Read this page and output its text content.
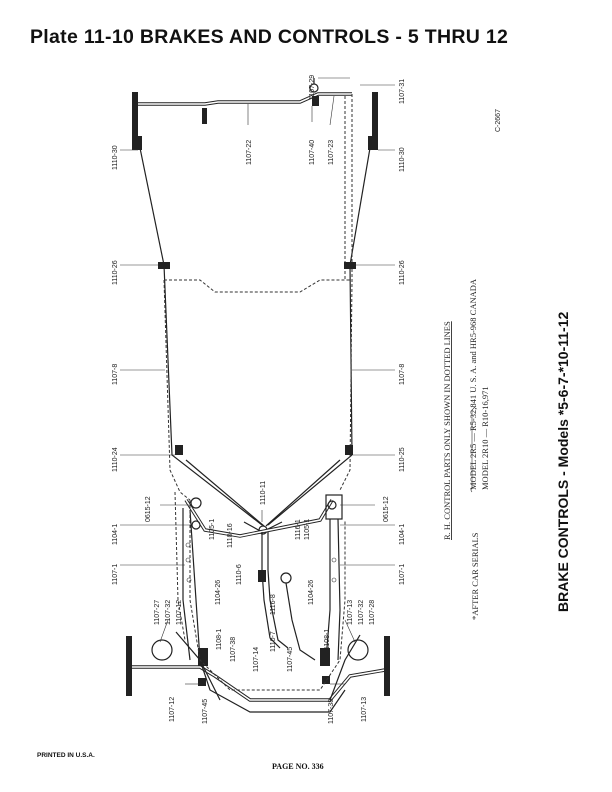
Plate 11-10 BRAKES AND CONTROLS - 5 THRU 12
1107-29	1107-31
1107-22	1107-40 1107-23
1110-30	1110-30
1110-26	1110-26
1107-8	1107-8
1110-24	1110-25
1110-11
0615-12	0615-12
1104-1	1104-1
1105-1 1110-16	1116-1 1105-1
1107-1	1107-1
1104-26
1110-6
1116-8	1104-26
1107-27 1107-32 1107-12	1107-13 1107-32 1107-28
1108-1 1107-38 1107-14
1110-7
1107-45
1108-1
1107-12	1107-45	1107-38	1107-13
C-2667
R. H. CONTROL PARTS ONLY SHOWN IN DOTTED LINES
*AFTER CAR SERIALS
MODEL 2R5 — R5-32,841 U. S. A. and HR5-968 CANADA MODEL 2R10 — R10-16,971	BRAKE CONTROLS - Models *5-6-7-*10-11-12
PRINTED IN U.S.A.
PAGE NO. 336
